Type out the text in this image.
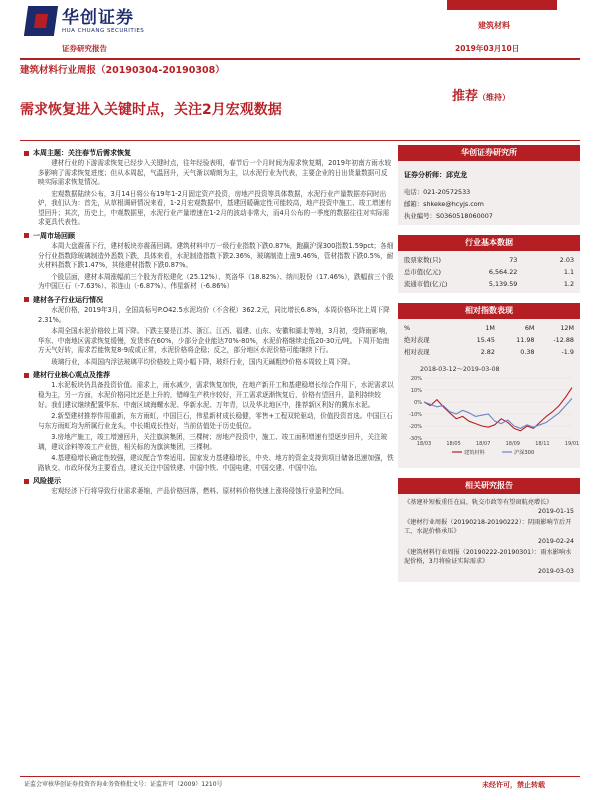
华创证券
HUA CHUANG SECURITIES
证券研究报告
建筑材料
2019年03月10日
建筑材料行业周报（20190304-20190308）
需求恢复进入关键时点，关注2月宏观数据
推荐（维持）
本周主题：关注春节后需求恢复
建材行业的下游需求恢复已经步入关键时点，往年经验表明，春节后一个月时间为需求恢复期，2019年初南方雨水较多影响了需求恢复进度；但从本周起，气温回升，天气渐以晴朗为主，以水泥行业为代表，主要企业的日出货量数据可反映实际需求恢复情况。
宏观数据陆续公布，3月14日将公布19年1-2月固定资产投资，房地产投资等具体数据，水泥行业产量数据亦同时出炉，我们认为：首先，从草根调研情况来看，1-2月宏观数据中，基建回暖确定性可能较高，地产投资中施工、竣工增速有望回升；其次，历史上，中观数据里，水泥行业产量增速在1-2月的波动非常大，而4月公布的一季度的数据往往对实际需求更具代表性。
一周市场回顾
本周大盘震荡下行，建材板块亦震荡回调。建筑材料申万一级行业指数下跌0.87%，跑赢沪深300指数1.59pct；各细分行业指数除玻璃制造外悉数下跌，具体来看，水泥制造指数下跌2.36%，玻璃制造上涨9.46%，管材指数下跌0.5%，耐火材料指数下跌1.47%，其他建材指数下跌0.87%。
个股层面，建材本周涨幅前三个股为青松建化（25.12%）、英洛华（18.82%）、纳川股份（17.46%），跌幅前三个股为中国巨石（-7.63%）、祁连山（-6.87%）、伟星新材（-6.86%）
建材各子行业运行情况
水泥价格，2019年3月，全国高标号P.O42.5水泥均价（不含税）362.2元，同比增长6.8%，本周价格环比上周下降2.31%。
本周全国水泥价格较上周下降。下跌主要是江苏、浙江、江西、福建、山东、安徽和湖北等地，3月初，受降雨影响，华东、中南地区需求恢复缓慢，发货率在60%，少部分企业能达70%-80%，水泥价格继续走低20-30元/吨。下周开始南方天气好转，需求若能恢复8-9成或正常，水泥价格将企稳；反之，部分地区水泥价格可能继续下行。
玻璃行业，本周国内浮法玻璃平均价格较上周小幅下降，玻纤行业，国内无碱粗纱价格本周较上周下降。
建材行业核心观点及推荐
1.水泥板块仍具备投资价值。需求上，雨水减少，需求恢复加快，在地产新开工和基建稳增长综合作用下，水泥需求以稳为主，另一方面，水泥价格同比还是上升的，错峰生产秩序较好，开工需求逐渐恢复后，价格有望回升，盈利持续较好。我们建议继续配置华东、中南区域海螺水泥、华新水泥、万年青，以及华北地区中，推荐新区利好的冀东水泥。
2.新型建材推荐作用重新，东方雨虹，中国巨石，伟星新材成长稳健，零售+工程双轮驱动，价值投资首选。中国巨石与东方雨虹均为所属行业龙头，中长期成长性好，当前估值处于历史低位。
3.房地产施工，竣工增速回升，关注旗滨集团，三棵树；房地产投资中，施工、竣工面积增速有望逐步回升，关注玻璃，建议涂料等竣工产业链，相关标的为旗滨集团，三棵树。
4.基建稳增长确定性较强，建议配合节奏适用。国家发力基建稳增长，中央、地方的资金支持到项目储备迅速加强，铁路轨交、市政环保为主要看点，建议关注中国铁建、中国中铁、中国电建、中国交建、中国中冶。
风险提示
宏观经济下行将导致行业需求萎缩，产品价格回落，燃料、原材料价格快速上涨将侵蚀行业盈利空间。
华创证券研究所
证券分析师：邱克龙
电话：021-20572533
邮箱：shkeke@hcyjs.com
执业编号：S0360518060007
行业基本数据
股票家数(只)	73	2.03
总市值(亿元)	6,564.22	1.1
流通市值(亿元)	5,139.59	1.2
相对指数表现
%	1M	6M	12M
绝对表现	15.45	11.98	-12.88
相对表现	2.82	0.38	-1.9
2018-03-12～2019-03-08
20%
10%
0%
-10%
-20%
-30%
18/03	18/05	18/07	18/09	18/11	19/01
建筑材料	沪深300
相关研究报告
《基建补短板重任在肩，轨交市政等有望窗航亮增长》
2019-01-15
《建材行业周报（20190218-20190222）：阴雨影响节后开工，水泥价格承压》
2019-02-24
《建筑材料行业周报（20190222-20190301）：雨水影响水泥价格，3月将验证实际需求》
2019-03-03
证监会审核华创证券投资咨询业务资格批文号：证监许可（2009）1210号	未经许可，禁止转载
